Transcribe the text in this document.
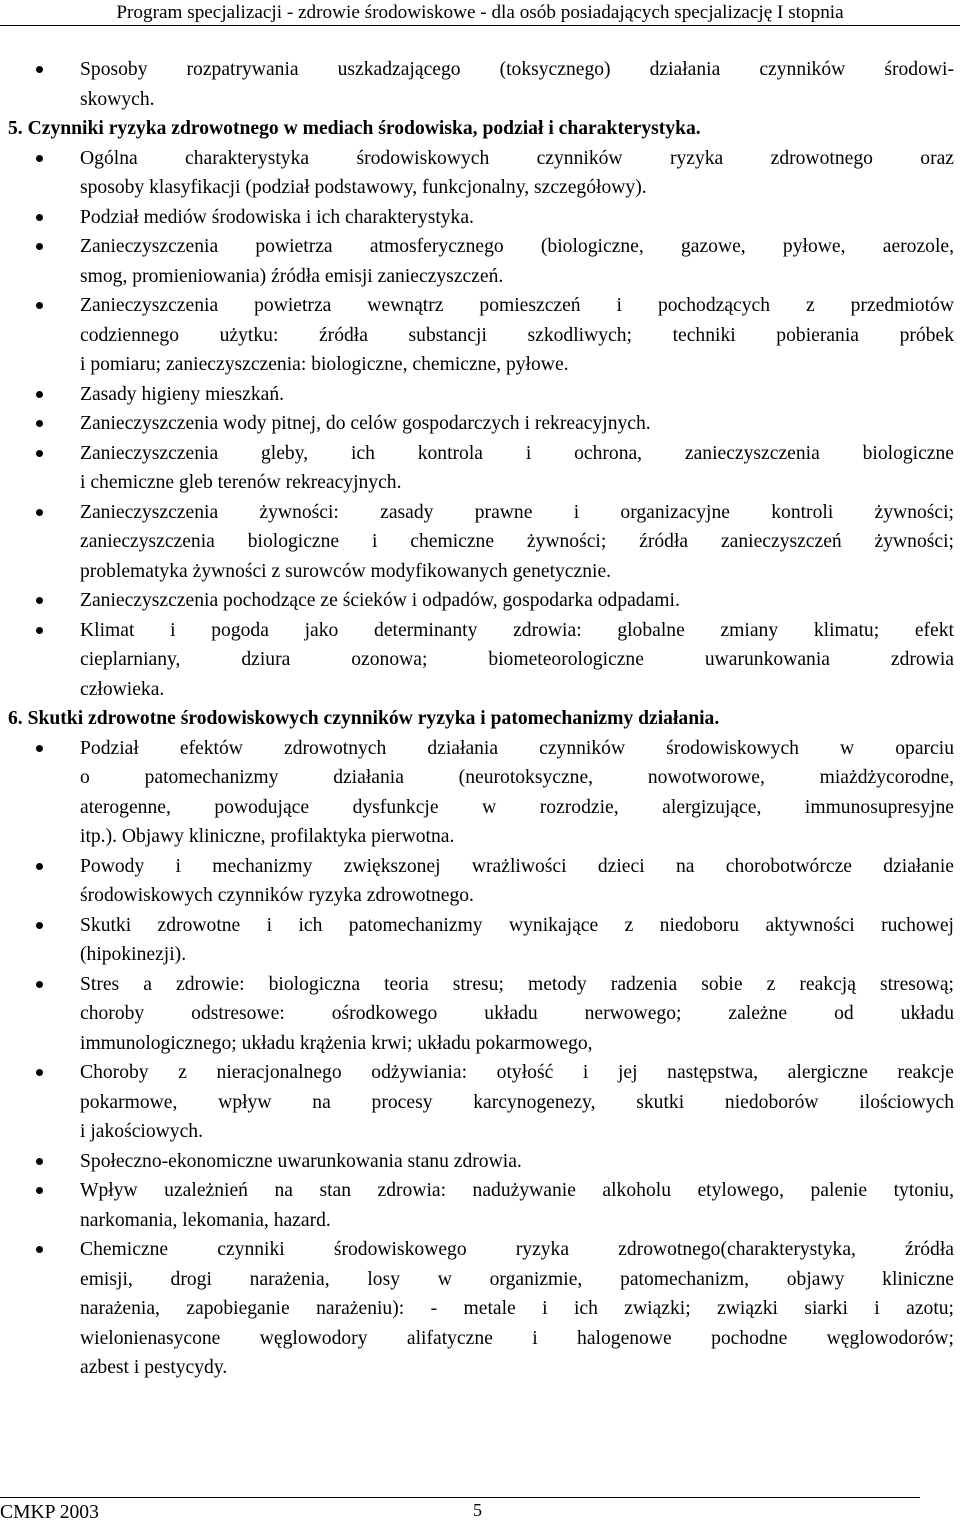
Program specjalizacji - zdrowie środowiskowe - dla osób posiadających specjalizację I stopnia
Sposoby rozpatrywania uszkadzającego (toksycznego) działania czynników środowi-
skowych.
5. Czynniki ryzyka zdrowotnego w mediach środowiska, podział i charakterystyka.
Ogólna charakterystyka środowiskowych czynników ryzyka zdrowotnego oraz
sposoby klasyfikacji (podział podstawowy, funkcjonalny, szczegółowy).
Podział mediów środowiska i ich charakterystyka.
Zanieczyszczenia powietrza atmosferycznego (biologiczne, gazowe, pyłowe, aerozole,
smog, promieniowania) źródła emisji zanieczyszczeń.
Zanieczyszczenia powietrza wewnątrz pomieszczeń i pochodzących z przedmiotów
codziennego użytku: źródła substancji szkodliwych; techniki pobierania próbek
i pomiaru; zanieczyszczenia: biologiczne, chemiczne, pyłowe.
Zasady higieny mieszkań.
Zanieczyszczenia wody pitnej, do celów gospodarczych i rekreacyjnych.
Zanieczyszczenia gleby, ich kontrola i ochrona, zanieczyszczenia biologiczne
i chemiczne gleb terenów rekreacyjnych.
Zanieczyszczenia żywności: zasady prawne i organizacyjne kontroli żywności;
zanieczyszczenia biologiczne i chemiczne żywności; źródła zanieczyszczeń żywności;
problematyka żywności z surowców modyfikowanych genetycznie.
Zanieczyszczenia pochodzące ze ścieków i odpadów, gospodarka odpadami.
Klimat i pogoda jako determinanty zdrowia: globalne zmiany klimatu; efekt
cieplarniany, dziura ozonowa; biometeorologiczne uwarunkowania zdrowia
człowieka.
6. Skutki zdrowotne środowiskowych czynników ryzyka i patomechanizmy działania.
Podział efektów zdrowotnych działania czynników środowiskowych w oparciu
o patomechanizmy działania (neurotoksyczne, nowotworowe, miażdżycorodne,
aterogenne, powodujące dysfunkcje w rozrodzie, alergizujące, immunosupresyjne
itp.). Objawy kliniczne, profilaktyka pierwotna.
Powody i mechanizmy zwiększonej wrażliwości dzieci na chorobotwórcze działanie
środowiskowych czynników ryzyka zdrowotnego.
Skutki zdrowotne i ich patomechanizmy wynikające z niedoboru aktywności ruchowej
(hipokinezji).
Stres a zdrowie: biologiczna teoria stresu; metody radzenia sobie z reakcją stresową;
choroby odstresowe: ośrodkowego układu nerwowego; zależne od układu
immunologicznego; układu krążenia krwi; układu pokarmowego,
Choroby z nieracjonalnego odżywiania: otyłość i jej następstwa, alergiczne reakcje
pokarmowe, wpływ na procesy karcynogenezy, skutki niedoborów ilościowych
i jakościowych.
Społeczno-ekonomiczne uwarunkowania stanu zdrowia.
Wpływ uzależnień na stan zdrowia: nadużywanie alkoholu etylowego, palenie tytoniu,
narkomania, lekomania, hazard.
Chemiczne czynniki środowiskowego ryzyka zdrowotnego(charakterystyka, źródła
emisji, drogi narażenia, losy w organizmie, patomechanizm, objawy kliniczne
narażenia, zapobieganie narażeniu): - metale i ich związki; związki siarki i azotu;
wielonienasycone węglowodory alifatyczne i halogenowe pochodne węglowodorów;
azbest i pestycydy.
CMKP 2003	5
